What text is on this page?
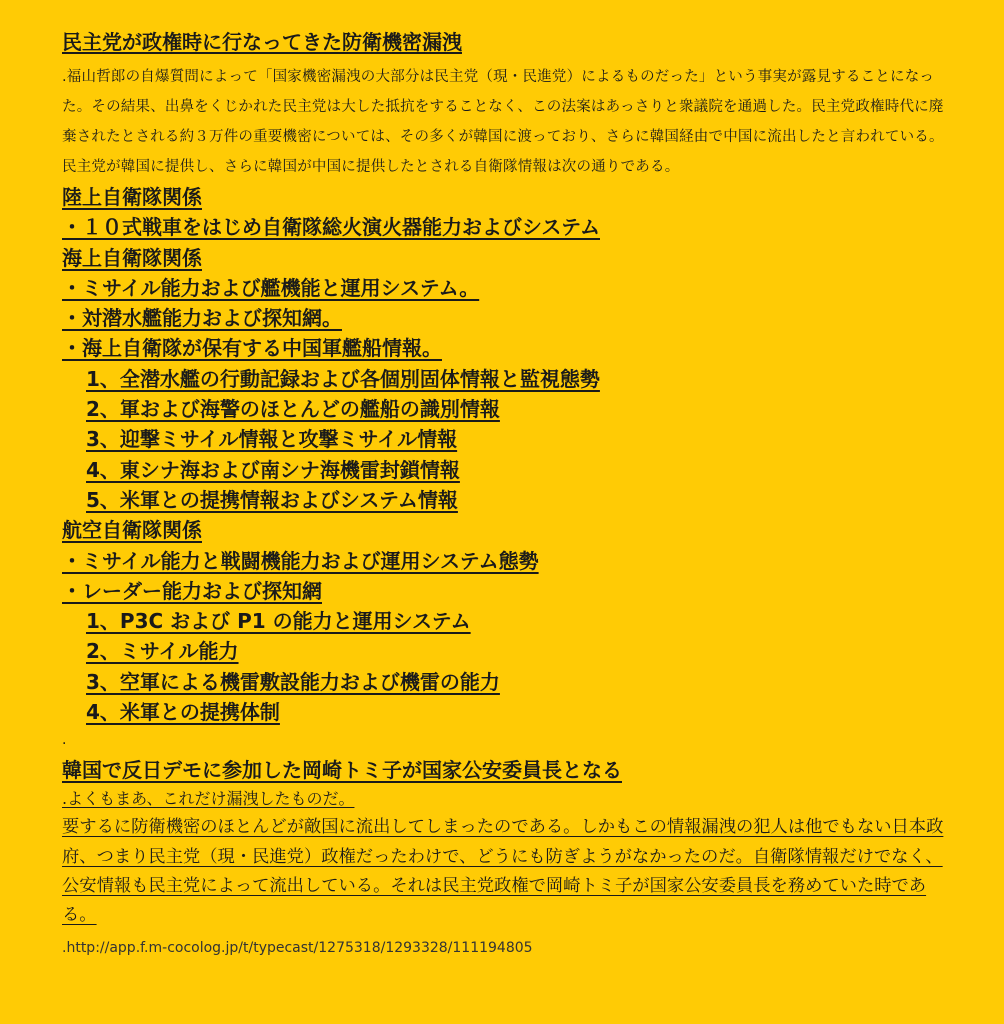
民主党が政権時に行なってきた防衛機密漏洩

.福山哲郎の自爆質問によって「国家機密漏洩の大部分は民主党（現・民進党）によるものだった」という事実が露見することになった。その結果、出鼻をくじかれた民主党は大した抵抗をすることなく、この法案はあっさりと衆議院を通過した。民主党政権時代に廃棄されたとされる約３万件の重要機密については、その多くが韓国に渡っており、さらに韓国経由で中国に流出したと言われている。民主党が韓国に提供し、さらに韓国が中国に提供したとされる自衛隊情報は次の通りである。

陸上自衛隊関係

・１０式戦車をはじめ自衛隊総火演火器能力およびシステム

海上自衛隊関係

・ミサイル能力および艦機能と運用システム。

・対潜水艦能力および探知網。

・海上自衛隊が保有する中国軍艦船情報。

1、全潜水艦の行動記録および各個別固体情報と監視態勢

2、軍および海警のほとんどの艦船の識別情報

3、迎撃ミサイル情報と攻撃ミサイル情報

4、東シナ海および南シナ海機雷封鎖情報

5、米軍との提携情報およびシステム情報

航空自衛隊関係

・ミサイル能力と戦闘機能力および運用システム態勢

・レーダー能力および探知網

1、P3C および P1 の能力と運用システム

2、ミサイル能力

3、空軍による機雷敷設能力および機雷の能力

4、米軍との提携体制

.

韓国で反日デモに参加した岡崎トミ子が国家公安委員長となる

.よくもまあ、これだけ漏洩したものだ。

要するに防衛機密のほとんどが敵国に流出してしまったのである。しかもこの情報漏洩の犯人は他でもない日本政府、つまり民主党（現・民進党）政権だったわけで、どうにも防ぎようがなかったのだ。自衛隊情報だけでなく、公安情報も民主党によって流出している。それは民主党政権で岡崎トミ子が国家公安委員長を務めていた時である。

.http://app.f.m-cocolog.jp/t/typecast/1275318/1293328/111194805
